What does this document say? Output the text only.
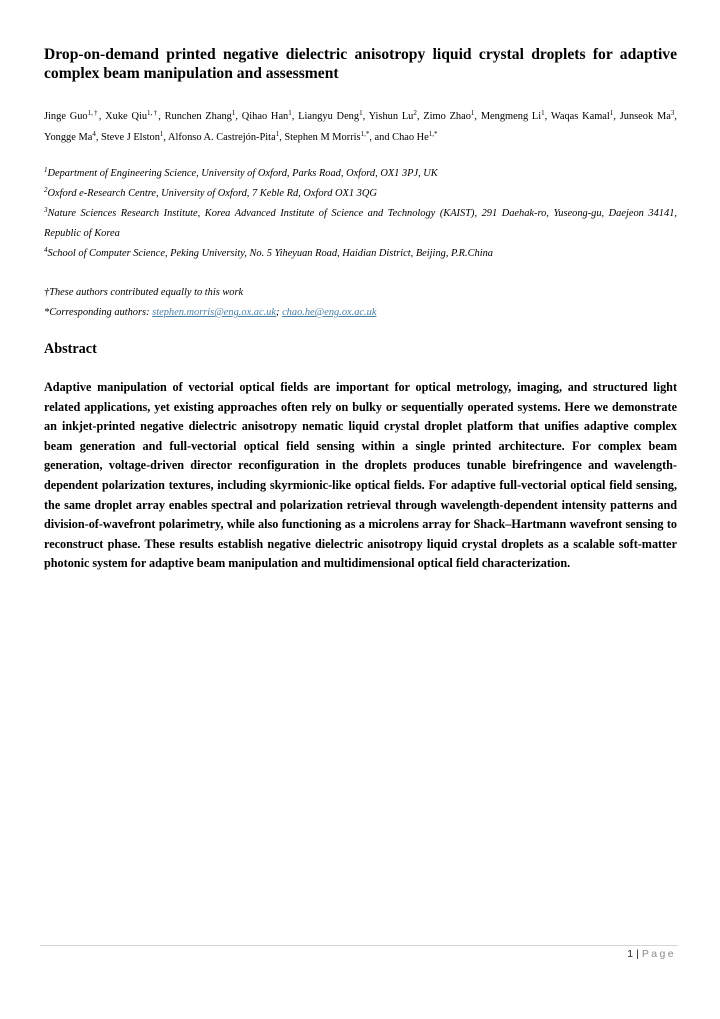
Drop-on-demand printed negative dielectric anisotropy liquid crystal droplets for adaptive complex beam manipulation and assessment

Jinge Guo$^{1,\dagger}$, Xuke Qiu$^{1,\dagger}$, Runchen Zhang$^1$, Qihao Han$^1$, Liangyu Deng$^1$, Yishun Lu$^2$, Zimo Zhao$^1$, Mengmeng Li$^1$, Waqas Kamal$^1$, Junseok Ma$^3$, Yongge Ma$^4$, Steve J Elston$^1$, Alfonso A. Castrejón-Pita$^1$, Stephen M Morris$^{1,*}$, and Chao $He^{1,*}$

$^1$Department of Engineering Science, University of Oxford, Parks Road, Oxford, OX1 3PJ, UK

$^2$Oxford e-Research Centre, University of Oxford, 7 Keble Rd, Oxford OX1 3QG

$^3$Nature Sciences Research Institute, Korea Advanced Institute of Science and Technology (KAIST), 291 Daehak-ro, Yuseong-gu, Daejeon 34141, Republic of Korea

$^4$School of Computer Science, Peking University, No. 5 Yiheyuan Road, Haidian District, Beijing, P.R.China

†These authors contributed equally to this work
*Corresponding authors: stephen.morris@eng.ox.ac.uk; chao.he@eng.ox.ac.uk
Abstract

Adaptive manipulation of vectorial optical fields are important for optical metrology, imaging, and structured light related applications, yet existing approaches often rely on bulky or sequentially operated systems. Here we demonstrate an inkjet-printed negative dielectric anisotropy nematic liquid crystal droplet platform that unifies adaptive complex beam generation and full-vectorial optical field sensing within a single printed architecture. For complex beam generation, voltage-driven director reconfiguration in the droplets produces tunable birefringence and wavelength-dependent polarization textures, including skyrmionic-like optical fields. For adaptive full-vectorial optical field sensing, the same droplet array enables spectral and polarization retrieval through wavelength-dependent intensity patterns and division-of-wavefront polarimetry, while also functioning as a microlens array for Shack–Hartmann wavefront sensing to reconstruct phase. These results establish negative dielectric anisotropy liquid crystal droplets as a scalable soft-matter photonic system for adaptive beam manipulation and multidimensional optical field characterization.

1 | Page
